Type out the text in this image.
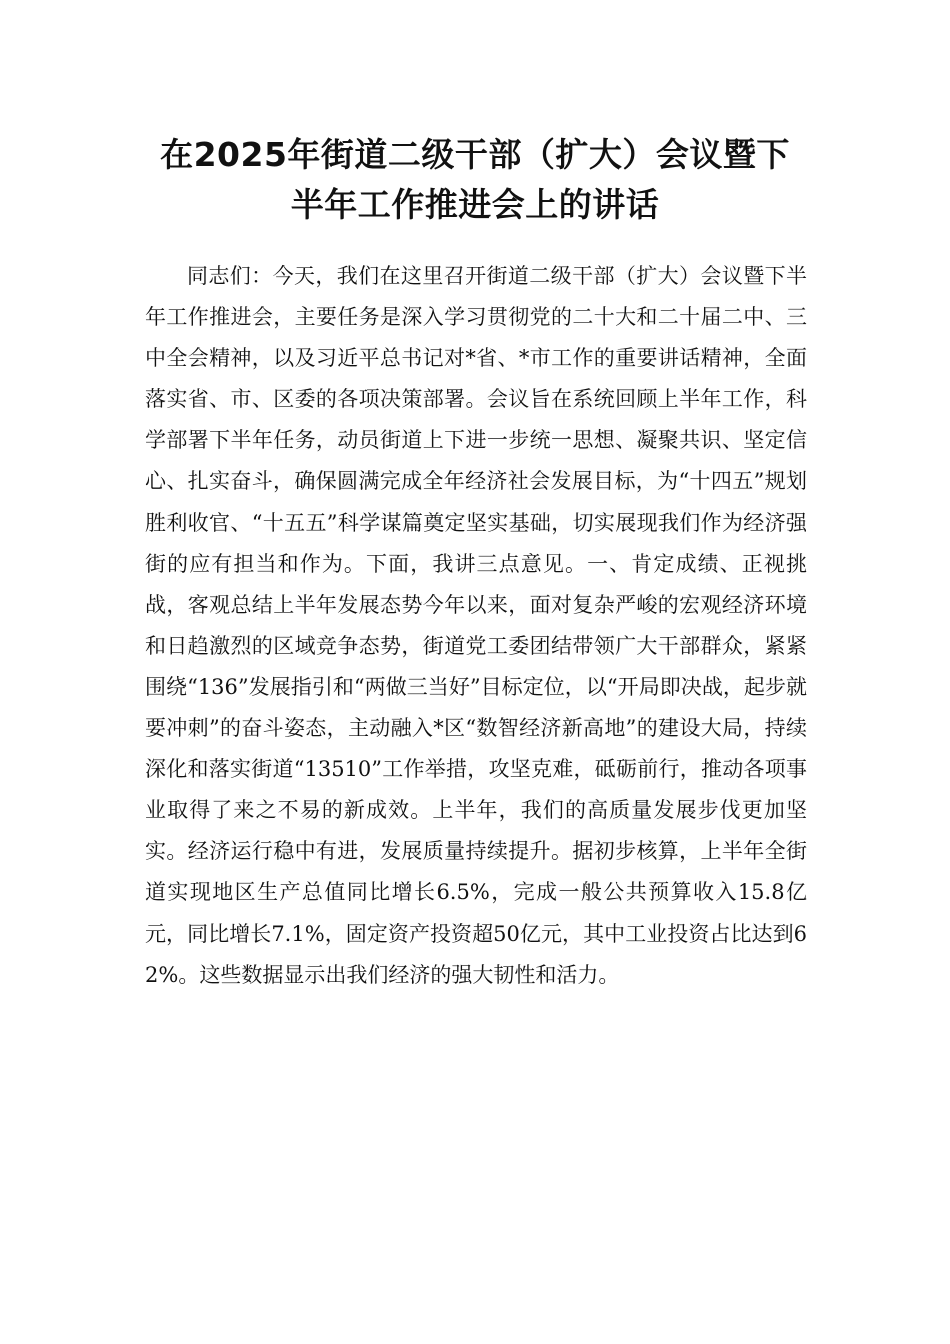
在2025年街道二级干部（扩大）会议暨下
半年工作推进会上的讲话

同志们：今天，我们在这里召开街道二级干部（扩大）会议暨下半年工作推进会，主要任务是深入学习贯彻党的二十大和二十届二中、三中全会精神，以及习近平总书记对*省、*市工作的重要讲话精神，全面落实省、市、区委的各项决策部署。会议旨在系统回顾上半年工作，科学部署下半年任务，动员街道上下进一步统一思想、凝聚共识、坚定信心、扎实奋斗，确保圆满完成全年经济社会发展目标，为“十四五”规划胜利收官、“十五五”科学谋篇奠定坚实基础，切实展现我们作为经济强街的应有担当和作为。下面，我讲三点意见。一、肯定成绩、正视挑战，客观总结上半年发展态势今年以来，面对复杂严峻的宏观经济环境和日趋激烈的区域竞争态势，街道党工委团结带领广大干部群众，紧紧围绕“136”发展指引和“两做三当好”目标定位，以“开局即决战，起步就要冲刺”的奋斗姿态，主动融入*区“数智经济新高地”的建设大局，持续深化和落实街道“13510”工作举措，攻坚克难，砥砺前行，推动各项事业取得了来之不易的新成效。上半年，我们的高质量发展步伐更加坚实。经济运行稳中有进，发展质量持续提升。据初步核算，上半年全街道实现地区生产总值同比增长6.5%，完成一般公共预算收入15.8亿元，同比增长7.1%，固定资产投资超50亿元，其中工业投资占比达到62%。这些数据显示出我们经济的强大韧性和活力。
